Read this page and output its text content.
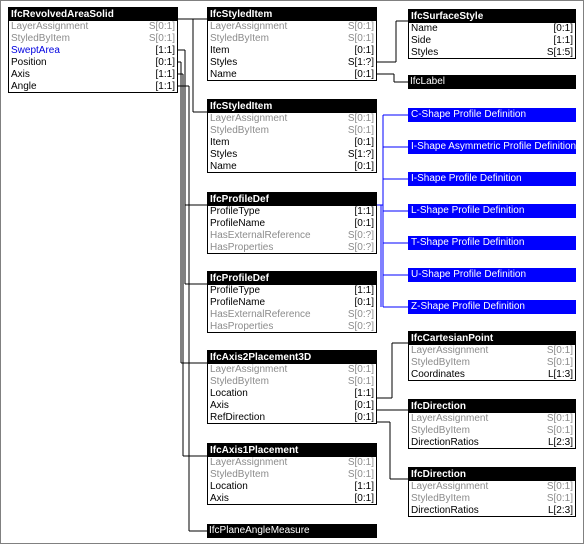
IfcRevolvedAreaSolid
LayerAssignment	S[0:1]
StyledByItem	S[0:1]
SweptArea	[1:1]
Position	[0:1]
Axis	[1:1]
Angle	[1:1]
IfcStyledItem
LayerAssignment	S[0:1]
StyledByItem	S[0:1]
Item	[0:1]
Styles	S[1:?]
Name	[0:1]
IfcSurfaceStyle
Name	[0:1]
Side	[1:1]
Styles	S[1:5]
IfcLabel
IfcStyledItem
LayerAssignment	S[0:1]
StyledByItem	S[0:1]
Item	[0:1]
Styles	S[1:?]
Name	[0:1]
IfcProfileDef
ProfileType	[1:1]
ProfileName	[0:1]
HasExternalReference	S[0:?]
HasProperties	S[0:?]
IfcProfileDef
ProfileType	[1:1]
ProfileName	[0:1]
HasExternalReference	S[0:?]
HasProperties	S[0:?]
IfcAxis2Placement3D
LayerAssignment	S[0:1]
StyledByItem	S[0:1]
Location	[1:1]
Axis	[0:1]
RefDirection	[0:1]
IfcCartesianPoint
LayerAssignment	S[0:1]
StyledByItem	S[0:1]
Coordinates	L[1:3]
IfcDirection
LayerAssignment	S[0:1]
StyledByItem	S[0:1]
DirectionRatios	L[2:3]
IfcAxis1Placement
LayerAssignment	S[0:1]
StyledByItem	S[0:1]
Location	[1:1]
Axis	[0:1]
IfcDirection
LayerAssignment	S[0:1]
StyledByItem	S[0:1]
DirectionRatios	L[2:3]
IfcPlaneAngleMeasure
C-Shape Profile Definition
I-Shape Asymmetric Profile Definition
I-Shape Profile Definition
L-Shape Profile Definition
T-Shape Profile Definition
U-Shape Profile Definition
Z-Shape Profile Definition
